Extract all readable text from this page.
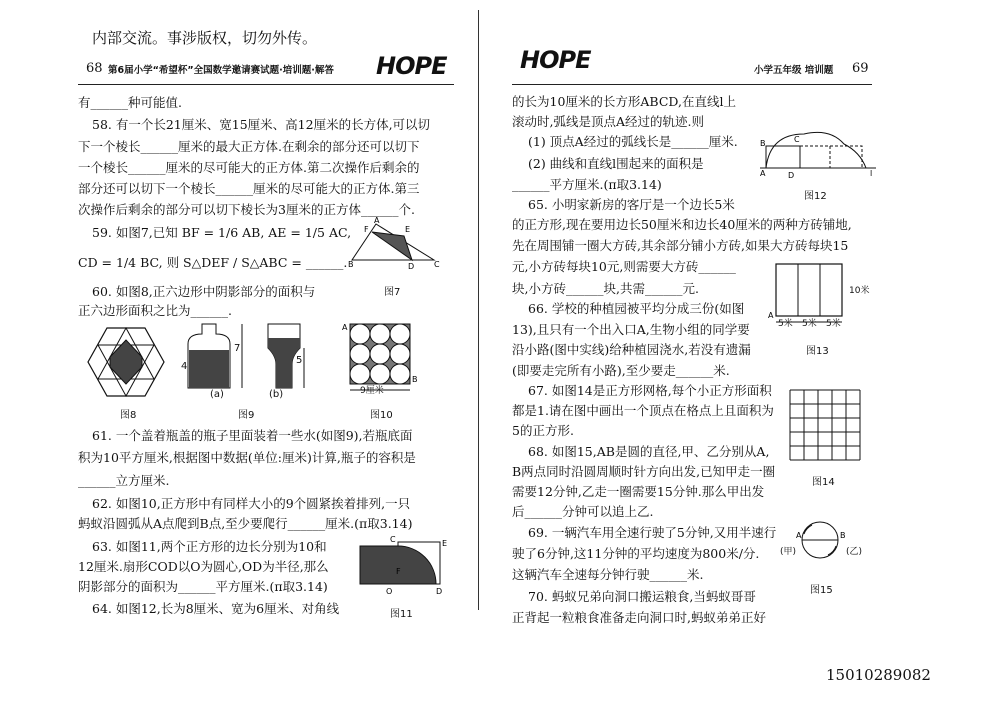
内部交流。事涉版权，切勿外传。
68 第6届小学“希望杯”全国数学邀请赛试题·培训题·解答 HOPE	HOPE	小学五年级 培训题 69
有______种可能值.
58. 有一个长21厘米、宽15厘米、高12厘米的长方体,可以切
下一个棱长______厘米的最大正方体.在剩余的部分还可以切下
一个棱长______厘米的尽可能大的正方体.第二次操作后剩余的
部分还可以切下一个棱长______厘米的尽可能大的正方体.第三
次操作后剩余的部分可以切下棱长为3厘米的正方体______个.
59. 如图7,已知 BF = 1/6 AB, AE = 1/5 AC,
CD = 1/4 BC, 则 S△DEF / S△ABC = ______.
60. 如图8,正六边形中阴影部分的面积与
正六边形面积之比为______.
61. 一个盖着瓶盖的瓶子里面装着一些水(如图9),若瓶底面
积为10平方厘米,根据图中数据(单位:厘米)计算,瓶子的容积是
______立方厘米.
62. 如图10,正方形中有同样大小的9个圆紧挨着排列,一只
蚂蚁沿圆弧从A点爬到B点,至少要爬行______厘米.(π取3.14)
63. 如图11,两个正方形的边长分别为10和
12厘米.扇形COD以O为圆心,OD为半径,那么
阴影部分的面积为______平方厘米.(π取3.14)
64. 如图12,长为8厘米、宽为6厘米、对角线
A
E
F
B	D C
图7
图8
7
4
5
(a)	(b)
图9
A
B
9厘米
图10
C	E
F
O	D
图11
的长为10厘米的长方形ABCD,在直线l上
滚动时,弧线是顶点A经过的轨迹.则
(1) 顶点A经过的弧线长是______厘米.
(2) 曲线和直线l围起来的面积是
______平方厘米.(π取3.14)
65. 小明家新房的客厅是一个边长5米
的正方形,现在要用边长50厘米和边长40厘米的两种方砖铺地,
先在周围铺一圈大方砖,其余部分铺小方砖,如果大方砖每块15
元,小方砖每块10元,则需要大方砖______
块,小方砖______块,共需______元.
66. 学校的种植园被平均分成三份(如图
13),且只有一个出入口A,生物小组的同学要
沿小路(图中实线)给种植园浇水,若没有遗漏
(即要走完所有小路),至少要走______米.
67. 如图14是正方形网格,每个小正方形面积
都是1.请在图中画出一个顶点在格点上且面积为
5的正方形.
68. 如图15,AB是圆的直径,甲、乙分别从A,
B两点同时沿圆周顺时针方向出发,已知甲走一圈
需要12分钟,乙走一圈需要15分钟.那么甲出发
后______分钟可以追上乙.
69. 一辆汽车用全速行驶了5分钟,又用半速行
驶了6分钟,这11分钟的平均速度为800米/分.
这辆汽车全速每分钟行驶______米.
70. 蚂蚁兄弟向洞口搬运粮食,当蚂蚁哥哥
正背起一粒粮食准备走向洞口时,蚂蚁弟弟正好
B	C
A	D	l
图12
A
10米
5米 5米 5米
图13
图14
A	B
(甲)	(乙)
图15
15010289082
